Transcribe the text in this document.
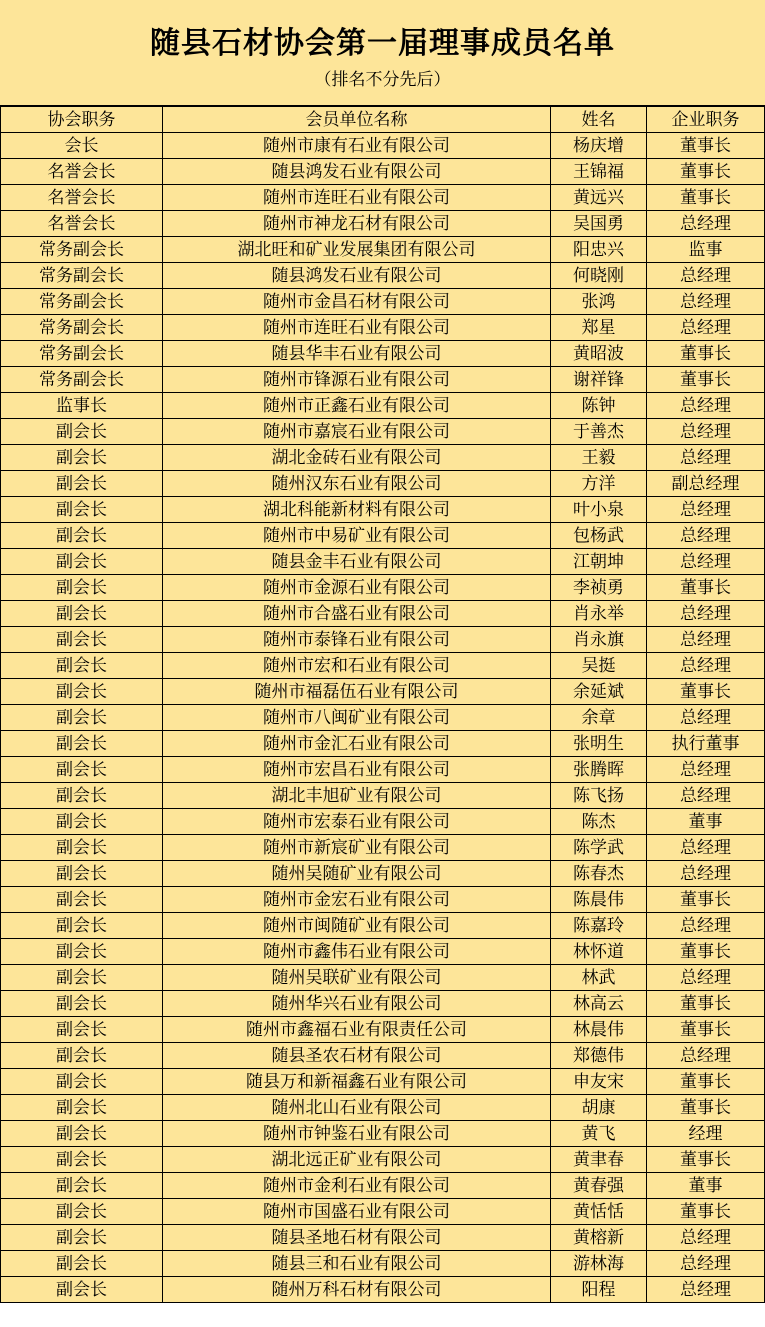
随县石材协会第一届理事成员名单
（排名不分先后）
协会职务	会员单位名称	姓名	企业职务
会长	随州市康有石业有限公司	杨庆增	董事长
名誉会长	随县鸿发石业有限公司	王锦福	董事长
名誉会长	随州市连旺石业有限公司	黄远兴	董事长
名誉会长	随州市神龙石材有限公司	吴国勇	总经理
常务副会长	湖北旺和矿业发展集团有限公司	阳忠兴	监事
常务副会长	随县鸿发石业有限公司	何晓刚	总经理
常务副会长	随州市金昌石材有限公司	张鸿	总经理
常务副会长	随州市连旺石业有限公司	郑星	总经理
常务副会长	随县华丰石业有限公司	黄昭波	董事长
常务副会长	随州市锋源石业有限公司	谢祥锋	董事长
监事长	随州市正鑫石业有限公司	陈钟	总经理
副会长	随州市嘉宸石业有限公司	于善杰	总经理
副会长	湖北金砖石业有限公司	王毅	总经理
副会长	随州汉东石业有限公司	方洋	副总经理
副会长	湖北科能新材料有限公司	叶小泉	总经理
副会长	随州市中易矿业有限公司	包杨武	总经理
副会长	随县金丰石业有限公司	江朝坤	总经理
副会长	随州市金源石业有限公司	李祯勇	董事长
副会长	随州市合盛石业有限公司	肖永举	总经理
副会长	随州市泰锋石业有限公司	肖永旗	总经理
副会长	随州市宏和石业有限公司	吴挺	总经理
副会长	随州市福磊伍石业有限公司	余延斌	董事长
副会长	随州市八闽矿业有限公司	余章	总经理
副会长	随州市金汇石业有限公司	张明生	执行董事
副会长	随州市宏昌石业有限公司	张腾晖	总经理
副会长	湖北丰旭矿业有限公司	陈飞扬	总经理
副会长	随州市宏泰石业有限公司	陈杰	董事
副会长	随州市新宸矿业有限公司	陈学武	总经理
副会长	随州吴随矿业有限公司	陈春杰	总经理
副会长	随州市金宏石业有限公司	陈晨伟	董事长
副会长	随州市闽随矿业有限公司	陈嘉玲	总经理
副会长	随州市鑫伟石业有限公司	林怀道	董事长
副会长	随州吴联矿业有限公司	林武	总经理
副会长	随州华兴石业有限公司	林高云	董事长
副会长	随州市鑫福石业有限责任公司	林晨伟	董事长
副会长	随县圣农石材有限公司	郑德伟	总经理
副会长	随县万和新福鑫石业有限公司	申友宋	董事长
副会长	随州北山石业有限公司	胡康	董事长
副会长	随州市钟鉴石业有限公司	黄飞	经理
副会长	湖北远正矿业有限公司	黄聿春	董事长
副会长	随州市金利石业有限公司	黄春强	董事
副会长	随州市国盛石业有限公司	黄恬恬	董事长
副会长	随县圣地石材有限公司	黄榕新	总经理
副会长	随县三和石业有限公司	游林海	总经理
副会长	随州万科石材有限公司	阳程	总经理
